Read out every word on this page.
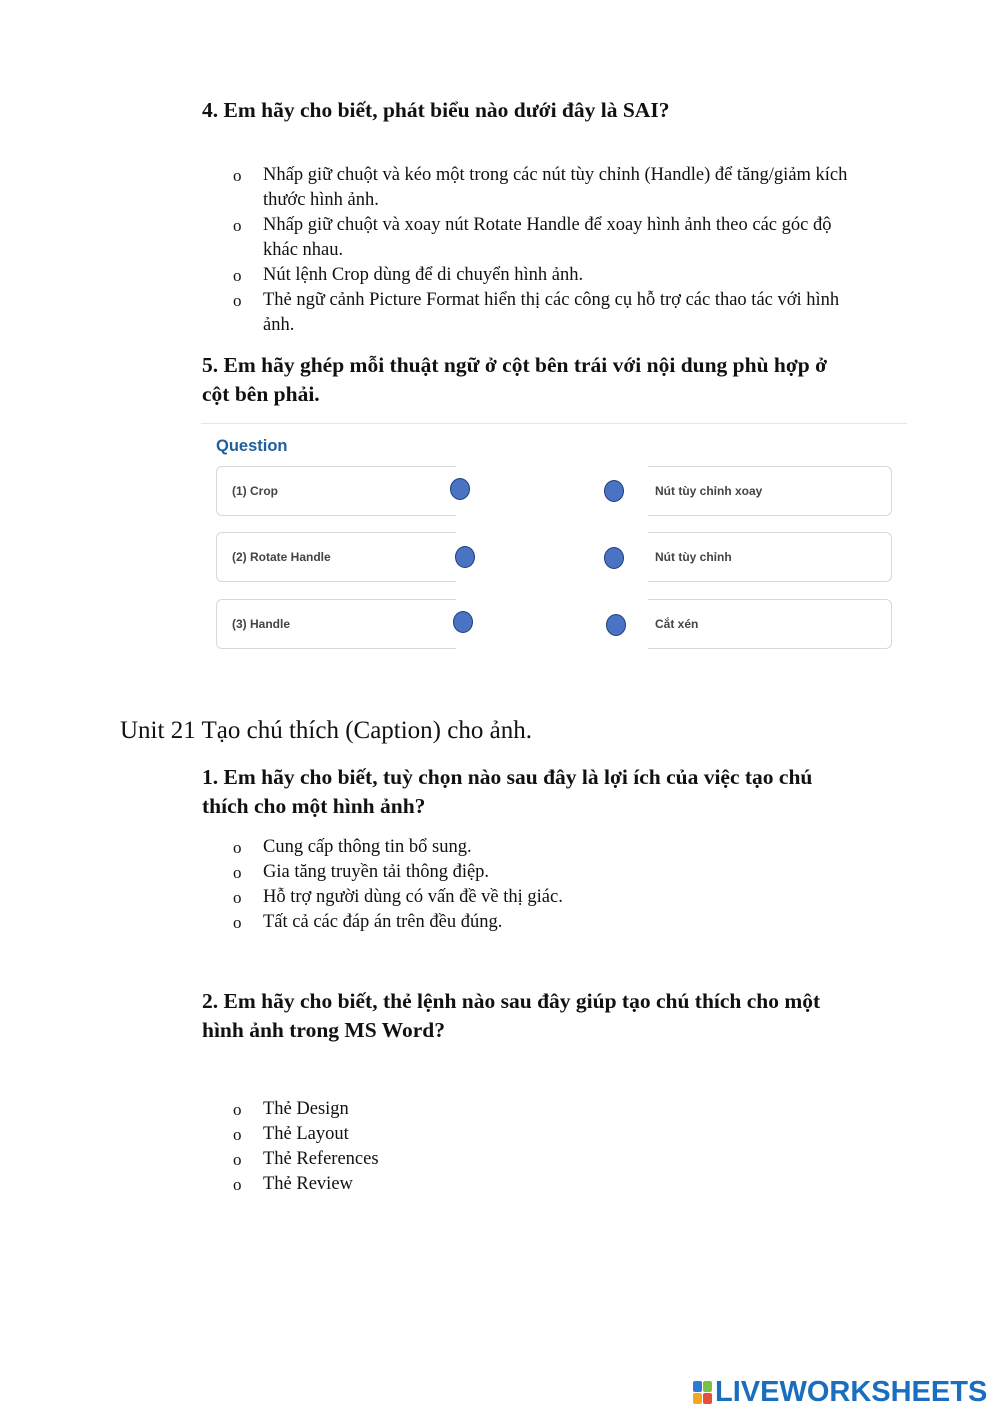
4. Em hãy cho biết, phát biểu nào dưới đây là SAI?
o Nhấp giữ chuột và kéo một trong các nút tùy chỉnh (Handle) để tăng/giảm kích
thước hình ảnh.
o Nhấp giữ chuột và xoay nút Rotate Handle để xoay hình ảnh theo các góc độ
khác nhau.
o Nút lệnh Crop dùng để di chuyển hình ảnh.
o Thẻ ngữ cảnh Picture Format hiển thị các công cụ hỗ trợ các thao tác với hình
ảnh.
5. Em hãy ghép mỗi thuật ngữ ở cột bên trái với nội dung phù hợp ở
cột bên phải.
Question
(1) Crop
(2) Rotate Handle
(3) Handle
Nút tùy chỉnh xoay
Nút tùy chỉnh
Cắt xén
Unit 21 Tạo chú thích (Caption) cho ảnh.
1. Em hãy cho biết, tuỳ chọn nào sau đây là lợi ích của việc tạo chú
thích cho một hình ảnh?
o Cung cấp thông tin bổ sung.
o Gia tăng truyền tải thông điệp.
o Hỗ trợ người dùng có vấn đề về thị giác.
o Tất cả các đáp án trên đều đúng.
2. Em hãy cho biết, thẻ lệnh nào sau đây giúp tạo chú thích cho một
hình ảnh trong MS Word?
o Thẻ Design
o Thẻ Layout
o Thẻ References
o Thẻ Review
LIVEWORKSHEETS
